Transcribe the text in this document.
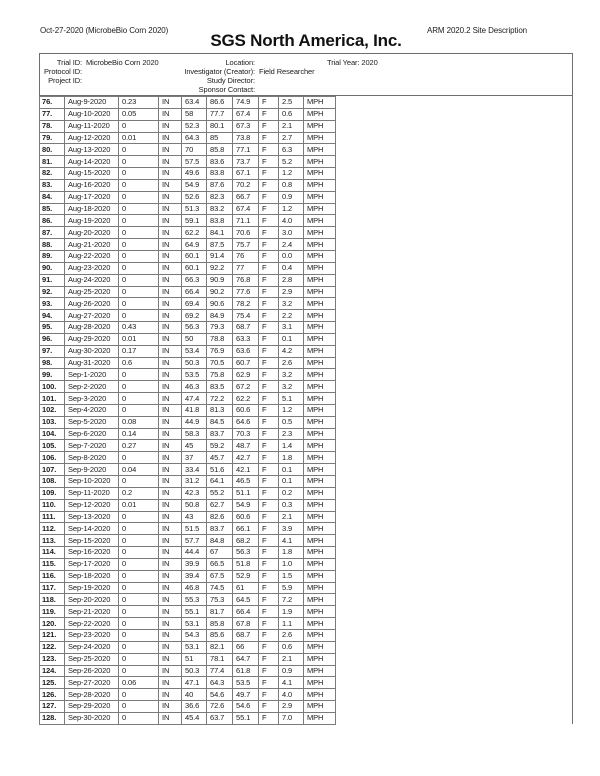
Oct-27-2020 (MicrobeBio Corn 2020)	ARM 2020.2 Site Description
SGS North America, Inc.
Trial ID: MicrobeBio Corn 2020	Location:	Trial Year: 2020
Protocol ID:	Investigator (Creator): Field Researcher
Project ID:	Study Director:
Sponsor Contact:
76.	Aug-9-2020	0.23	IN	63.4	86.6	74.9	F	2.5	MPH
77.	Aug-10-2020	0.05	IN	58	77.7	67.4	F	0.6	MPH
78.	Aug-11-2020	0	IN	52.3	80.1	67.3	F	2.1	MPH
79.	Aug-12-2020	0.01	IN	64.3	85	73.8	F	2.7	MPH
80.	Aug-13-2020	0	IN	70	85.8	77.1	F	6.3	MPH
81.	Aug-14-2020	0	IN	57.5	83.6	73.7	F	5.2	MPH
82.	Aug-15-2020	0	IN	49.6	83.8	67.1	F	1.2	MPH
83.	Aug-16-2020	0	IN	54.9	87.6	70.2	F	0.8	MPH
84.	Aug-17-2020	0	IN	52.6	82.3	66.7	F	0.9	MPH
85.	Aug-18-2020	0	IN	51.3	83.2	67.4	F	1.2	MPH
86.	Aug-19-2020	0	IN	59.1	83.8	71.1	F	4.0	MPH
87.	Aug-20-2020	0	IN	62.2	84.1	70.6	F	3.0	MPH
88.	Aug-21-2020	0	IN	64.9	87.5	75.7	F	2.4	MPH
89.	Aug-22-2020	0	IN	60.1	91.4	76	F	0.0	MPH
90.	Aug-23-2020	0	IN	60.1	92.2	77	F	0.4	MPH
91.	Aug-24-2020	0	IN	66.3	90.9	76.8	F	2.8	MPH
92.	Aug-25-2020	0	IN	66.4	90.2	77.6	F	2.9	MPH
93.	Aug-26-2020	0	IN	69.4	90.6	78.2	F	3.2	MPH
94.	Aug-27-2020	0	IN	69.2	84.9	75.4	F	2.2	MPH
95.	Aug-28-2020	0.43	IN	56.3	79.3	68.7	F	3.1	MPH
96.	Aug-29-2020	0.01	IN	50	78.8	63.3	F	0.1	MPH
97.	Aug-30-2020	0.17	IN	53.4	76.9	63.6	F	4.2	MPH
98.	Aug-31-2020	0.6	IN	50.3	70.5	60.7	F	2.6	MPH
99.	Sep-1-2020	0	IN	53.5	75.8	62.9	F	3.2	MPH
100.	Sep-2-2020	0	IN	46.3	83.5	67.2	F	3.2	MPH
101.	Sep-3-2020	0	IN	47.4	72.2	62.2	F	5.1	MPH
102.	Sep-4-2020	0	IN	41.8	81.3	60.6	F	1.2	MPH
103.	Sep-5-2020	0.08	IN	44.9	84.5	64.6	F	0.5	MPH
104.	Sep-6-2020	0.14	IN	58.3	83.7	70.3	F	2.3	MPH
105.	Sep-7-2020	0.27	IN	45	59.2	48.7	F	1.4	MPH
106.	Sep-8-2020	0	IN	37	45.7	42.7	F	1.8	MPH
107.	Sep-9-2020	0.04	IN	33.4	51.6	42.1	F	0.1	MPH
108.	Sep-10-2020	0	IN	31.2	64.1	46.5	F	0.1	MPH
109.	Sep-11-2020	0.2	IN	42.3	55.2	51.1	F	0.2	MPH
110.	Sep-12-2020	0.01	IN	50.8	62.7	54.9	F	0.3	MPH
111.	Sep-13-2020	0	IN	43	82.6	60.6	F	2.1	MPH
112.	Sep-14-2020	0	IN	51.5	83.7	66.1	F	3.9	MPH
113.	Sep-15-2020	0	IN	57.7	84.8	68.2	F	4.1	MPH
114.	Sep-16-2020	0	IN	44.4	67	56.3	F	1.8	MPH
115.	Sep-17-2020	0	IN	39.9	66.5	51.8	F	1.0	MPH
116.	Sep-18-2020	0	IN	39.4	67.5	52.9	F	1.5	MPH
117.	Sep-19-2020	0	IN	46.8	74.5	61	F	5.9	MPH
118.	Sep-20-2020	0	IN	55.3	75.3	64.5	F	7.2	MPH
119.	Sep-21-2020	0	IN	55.1	81.7	66.4	F	1.9	MPH
120.	Sep-22-2020	0	IN	53.1	85.8	67.8	F	1.1	MPH
121.	Sep-23-2020	0	IN	54.3	85.6	68.7	F	2.6	MPH
122.	Sep-24-2020	0	IN	53.1	82.1	66	F	0.6	MPH
123.	Sep-25-2020	0	IN	51	78.1	64.7	F	2.1	MPH
124.	Sep-26-2020	0	IN	50.3	77.4	61.8	F	0.9	MPH
125.	Sep-27-2020	0.06	IN	47.1	64.3	53.5	F	4.1	MPH
126.	Sep-28-2020	0	IN	40	54.6	49.7	F	4.0	MPH
127.	Sep-29-2020	0	IN	36.6	72.6	54.6	F	2.9	MPH
128.	Sep-30-2020	0	IN	45.4	63.7	55.1	F	7.0	MPH
